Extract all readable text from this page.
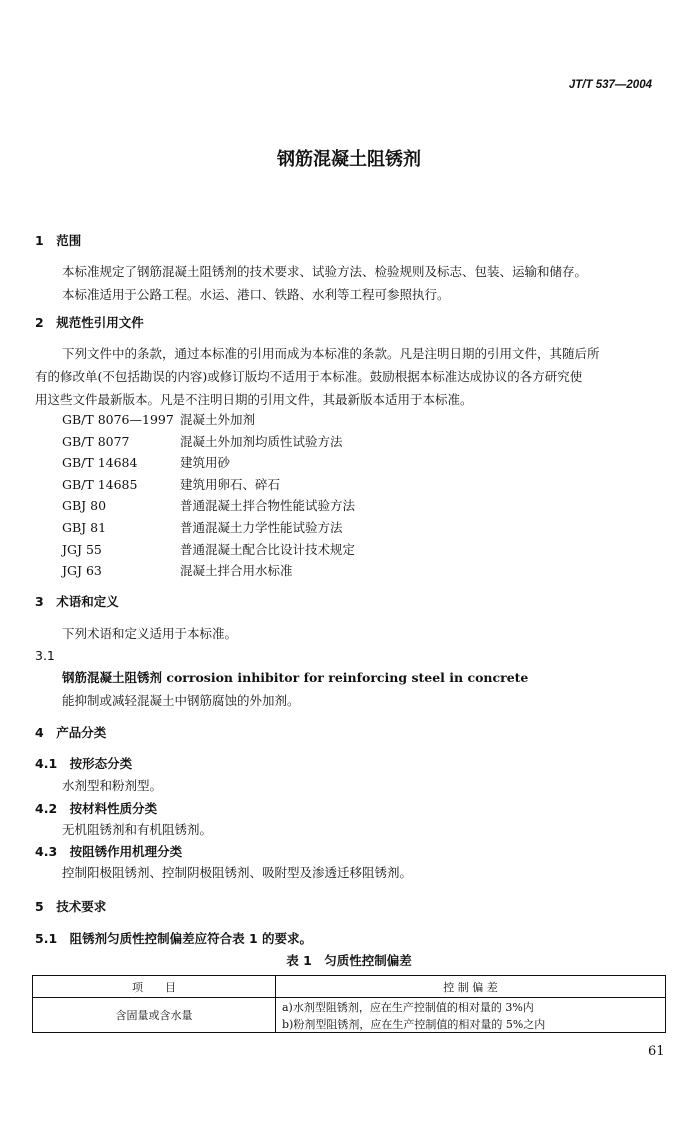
JT/T 537—2004
钢筋混凝土阻锈剂
1　范围
本标准规定了钢筋混凝土阻锈剂的技术要求、试验方法、检验规则及标志、包装、运输和储存。
本标准适用于公路工程。水运、港口、铁路、水利等工程可参照执行。
2　规范性引用文件
下列文件中的条款，通过本标准的引用而成为本标准的条款。凡是注明日期的引用文件，其随后所
有的修改单(不包括勘误的内容)或修订版均不适用于本标准。鼓励根据本标准达成协议的各方研究使
用这些文件最新版本。凡是不注明日期的引用文件，其最新版本适用于本标准。
GB/T 8076—1997 混凝土外加剂
GB/T 8077	混凝土外加剂均质性试验方法
GB/T 14684	建筑用砂
GB/T 14685	建筑用卵石、碎石
GBJ 80	普通混凝土拌合物性能试验方法
GBJ 81	普通混凝土力学性能试验方法
JGJ 55	普通混凝土配合比设计技术规定
JGJ 63	混凝土拌合用水标准
3　术语和定义
下列术语和定义适用于本标准。
3.1
钢筋混凝土阻锈剂 corrosion inhibitor for reinforcing steel in concrete
能抑制或减轻混凝土中钢筋腐蚀的外加剂。
4　产品分类
4.1　按形态分类
水剂型和粉剂型。
4.2　按材料性质分类
无机阻锈剂和有机阻锈剂。
4.3　按阻锈作用机理分类
控制阳极阻锈剂、控制阴极阻锈剂、吸附型及渗透迁移阻锈剂。
5　技术要求
5.1　阻锈剂匀质性控制偏差应符合表 1 的要求。
表 1　匀质性控制偏差
项　　目	控 制 偏 差
含固量或含水量	a)水剂型阻锈剂，应在生产控制值的相对量的 3%内
	b)粉剂型阻锈剂，应在生产控制值的相对量的 5%之内
61
